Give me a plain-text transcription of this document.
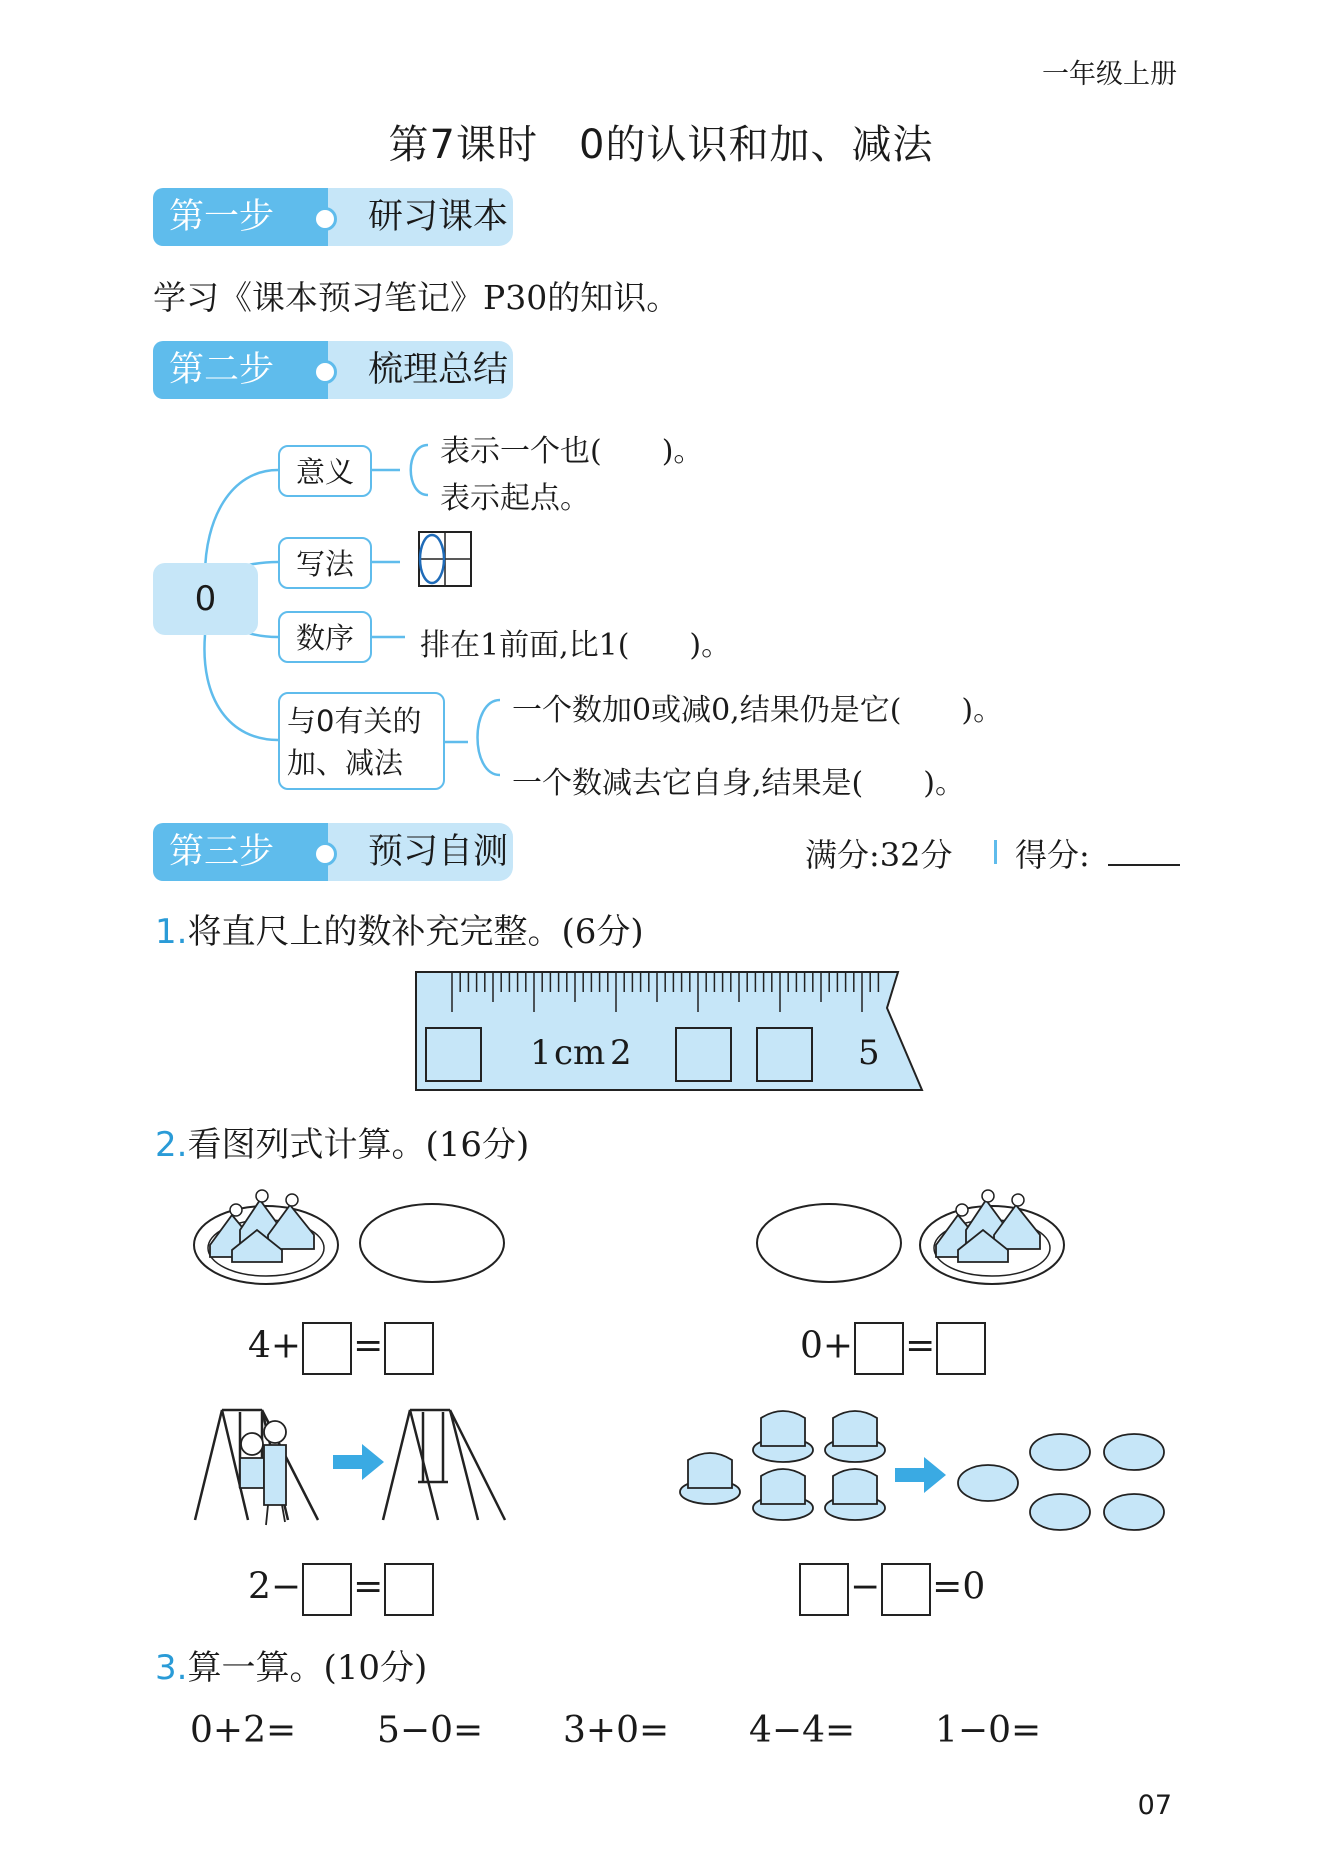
一年级上册
第7课时　0的认识和加、减法
第一步	研习课本
学习《课本预习笔记》P30的知识。
第二步	梳理总结
0
意义
写法
数序
与0有关的
加、减法
表示一个也(　　)。
表示起点。
排在1前面,比1(　　)。
一个数加0或减0,结果仍是它(　　)。
一个数减去它自身,结果是(　　)。
第三步	预习自测	满分:32分 得分:
1.将直尺上的数补充完整。(6分)
1 cm 2	5
2.看图列式计算。(16分)
4+ =	0+ =
2− =	− =0
3.算一算。(10分)
0+2= 5−0= 3+0= 4−4= 1−0=
07
